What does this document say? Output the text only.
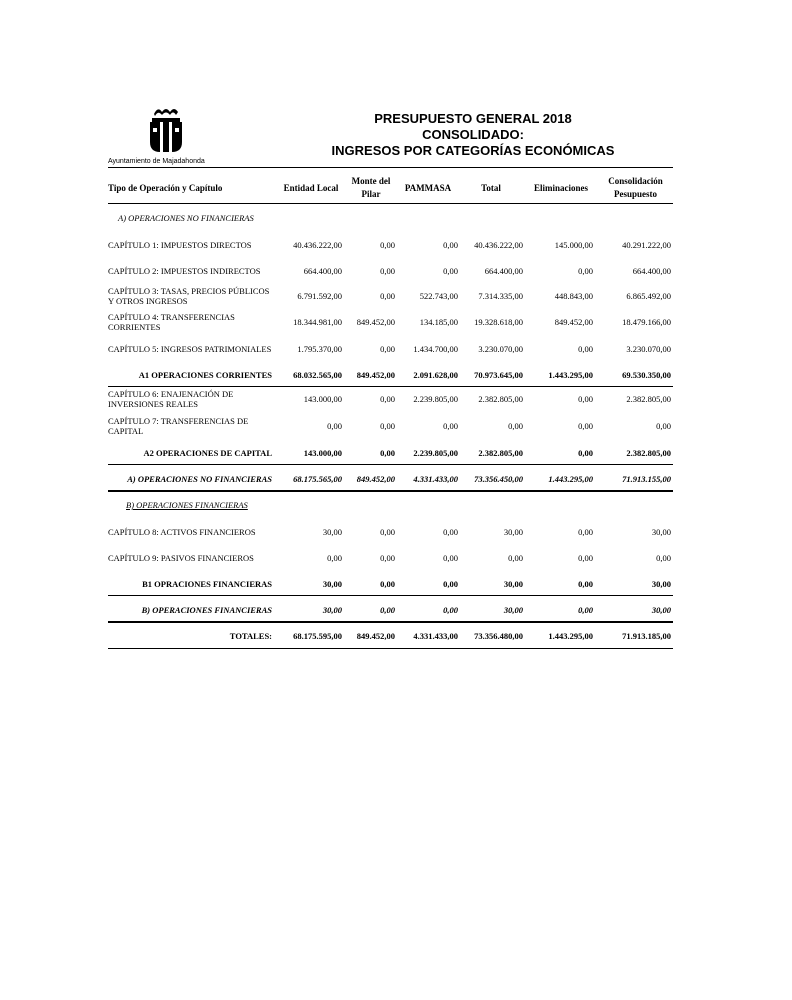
Ayuntamiento de Majadahonda
PRESUPUESTO GENERAL 2018
CONSOLIDADO:
INGRESOS POR CATEGORÍAS ECONÓMICAS
Tipo de Operación y Capítulo	Entidad Local
Monte del
Pilar
PAMMASA	Total	Eliminaciones
Consolidación
Pesupuesto
A) OPERACIONES NO FINANCIERAS
CAPÍTULO 1: IMPUESTOS DIRECTOS	40.436.222,00	0,00	0,00 40.436.222,00	145.000,00	40.291.222,00
CAPÍTULO 2: IMPUESTOS INDIRECTOS	664.400,00	0,00	0,00	664.400,00	0,00	664.400,00
CAPÍTULO 3: TASAS, PRECIOS PÚBLICOS
Y OTROS INGRESOS	6.791.592,00	0,00	522.743,00 7.314.335,00	448.843,00	6.865.492,00
CAPÍTULO 4: TRANSFERENCIAS
CORRIENTES	18.344.981,00 849.452,00	134.185,00 19.328.618,00	849.452,00	18.479.166,00
CAPÍTULO 5: INGRESOS PATRIMONIALES	1.795.370,00	0,00 1.434.700,00 3.230.070,00	0,00	3.230.070,00
A1 OPERACIONES CORRIENTES 68.032.565,00 849.452,00 2.091.628,00 70.973.645,00	1.443.295,00	69.530.350,00
CAPÍTULO 6: ENAJENACIÓN DE
INVERSIONES REALES	143.000,00	0,00 2.239.805,00 2.382.805,00	0,00	2.382.805,00
CAPÍTULO 7: TRANSFERENCIAS DE
CAPITAL	0,00	0,00	0,00	0,00	0,00	0,00
A2 OPERACIONES DE CAPITAL	143.000,00	0,00 2.239.805,00 2.382.805,00	0,00	2.382.805,00
A) OPERACIONES NO FINANCIERAS 68.175.565,00 849.452,00 4.331.433,00 73.356.450,00	1.443.295,00	71.913.155,00
B) OPERACIONES FINANCIERAS
CAPÍTULO 8: ACTIVOS FINANCIEROS	30,00	0,00	0,00	30,00	0,00	30,00
CAPÍTULO 9: PASIVOS FINANCIEROS	0,00	0,00	0,00	0,00	0,00	0,00
B1 OPRACIONES FINANCIERAS	30,00	0,00	0,00	30,00	0,00	30,00
B) OPERACIONES FINANCIERAS	30,00	0,00	0,00	30,00	0,00	30,00
TOTALES: 68.175.595,00 849.452,00 4.331.433,00 73.356.480,00	1.443.295,00	71.913.185,00
